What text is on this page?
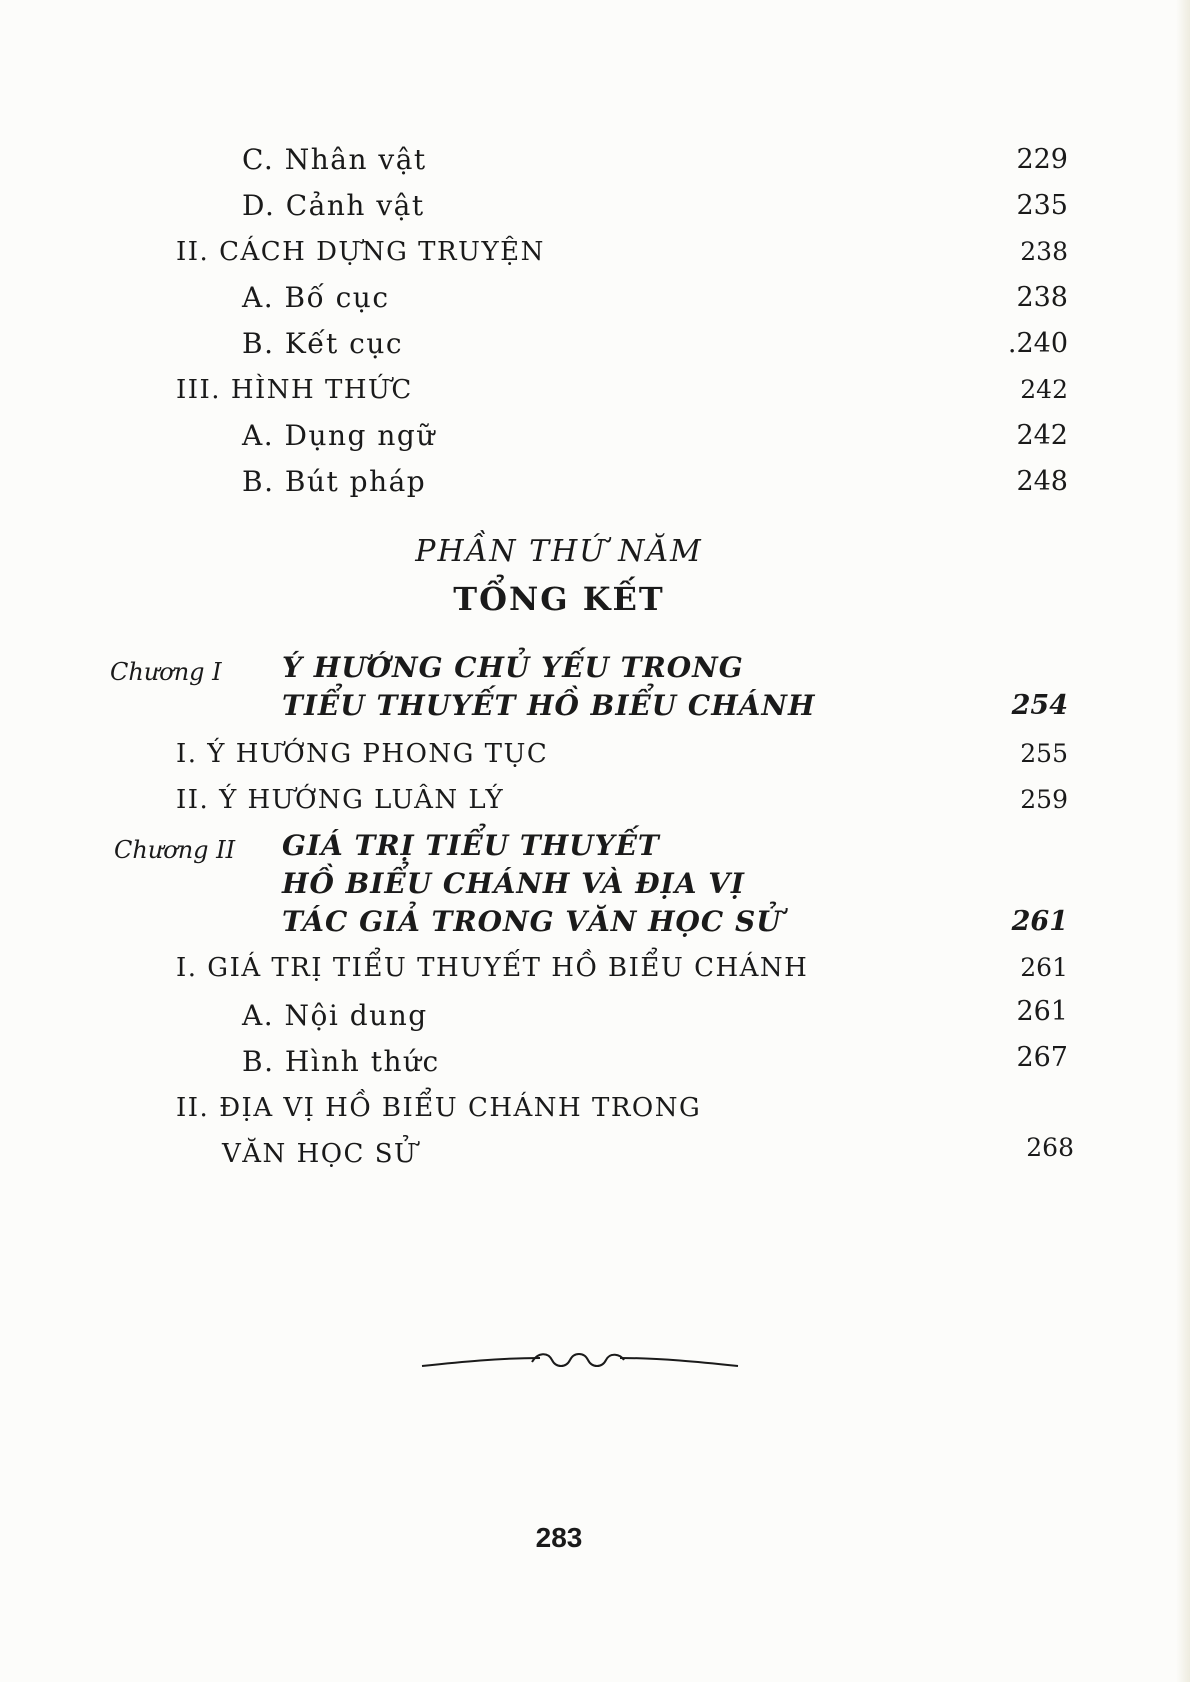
C. Nhân vật	229
D. Cảnh vật	235
II. CÁCH DỰNG TRUYỆN	238
A. Bố cục	238
B. Kết cục	.240
III. HÌNH THỨC	242
A. Dụng ngữ	242
B. Bút pháp	248
PHẦN THỨ NĂM
TỔNG KẾT
Chương I Ý HƯỚNG CHỦ YẾU TRONG
TIỂU THUYẾT HỒ BIỂU CHÁNH	254
I. Ý HƯỚNG PHONG TỤC	255
II. Ý HƯỚNG LUÂN LÝ	259
Chương II GIÁ TRỊ TIỂU THUYẾT
HỒ BIỂU CHÁNH VÀ ĐỊA VỊ
TÁC GIẢ TRONG VĂN HỌC SỬ	261
I. GIÁ TRỊ TIỂU THUYẾT HỒ BIỂU CHÁNH	261
A. Nội dung	261
B. Hình thức	267
II. ĐỊA VỊ HỒ BIỂU CHÁNH TRONG
VĂN HỌC SỬ	268
283
